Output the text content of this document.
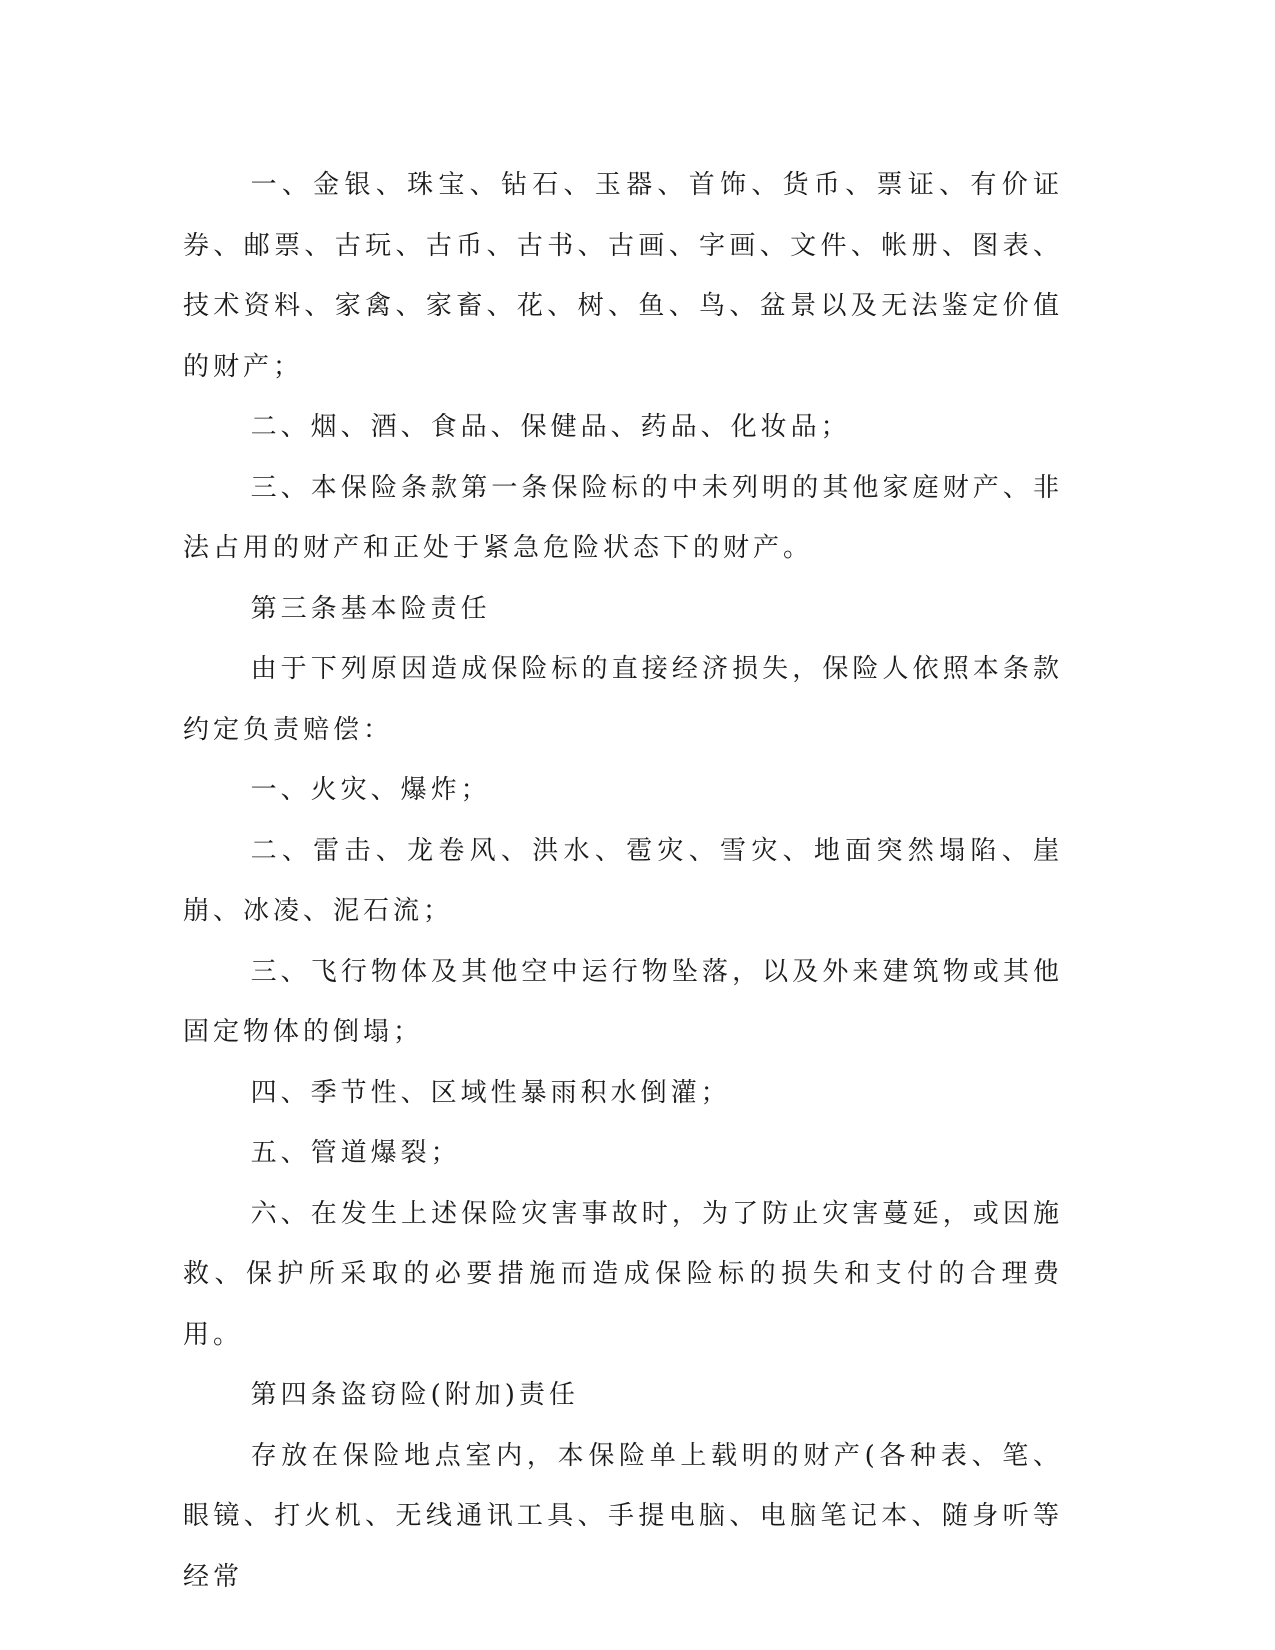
一、金银、珠宝、钻石、玉器、首饰、货币、票证、有价证券、邮票、古玩、古币、古书、古画、字画、文件、帐册、图表、技术资料、家禽、家畜、花、树、鱼、鸟、盆景以及无法鉴定价值的财产；

二、烟、酒、食品、保健品、药品、化妆品；

三、本保险条款第一条保险标的中未列明的其他家庭财产、非法占用的财产和正处于紧急危险状态下的财产。

第三条基本险责任

由于下列原因造成保险标的直接经济损失，保险人依照本条款约定负责赔偿：

一、火灾、爆炸；

二、雷击、龙卷风、洪水、雹灾、雪灾、地面突然塌陷、崖崩、冰凌、泥石流；

三、飞行物体及其他空中运行物坠落，以及外来建筑物或其他固定物体的倒塌；

四、季节性、区域性暴雨积水倒灌；

五、管道爆裂；

六、在发生上述保险灾害事故时，为了防止灾害蔓延，或因施救、保护所采取的必要措施而造成保险标的损失和支付的合理费用。

第四条盗窃险(附加)责任

存放在保险地点室内，本保险单上载明的财产(各种表、笔、眼镜、打火机、无线通讯工具、手提电脑、电脑笔记本、随身听等经常
